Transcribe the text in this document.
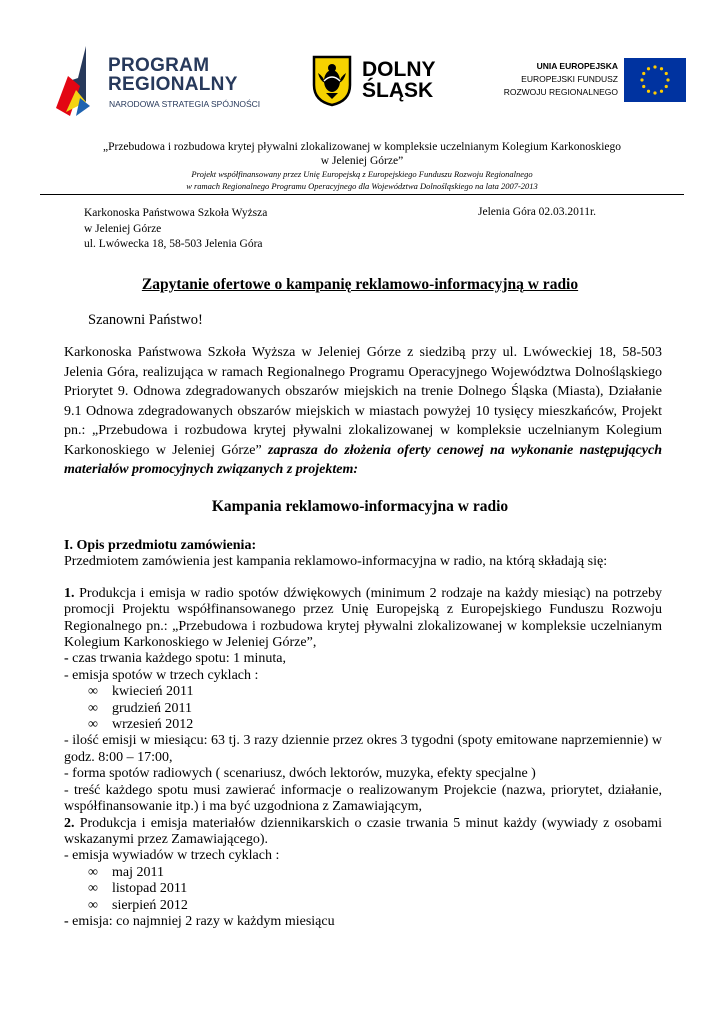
PROGRAM
REGIONALNY
NARODOWA STRATEGIA SPÓJNOŚCI
DOLNY
ŚLĄSK
UNIA EUROPEJSKA
EUROPEJSKI FUNDUSZ
ROZWOJU REGIONALNEGO
„Przebudowa i rozbudowa krytej pływalni zlokalizowanej w kompleksie uczelnianym Kolegium Karkonoskiego
w Jeleniej Górze”
Projekt współfinansowany przez Unię Europejską z Europejskiego Funduszu Rozwoju Regionalnego
w ramach Regionalnego Programu Operacyjnego dla Województwa Dolnośląskiego na lata 2007-2013
Karkonoska Państwowa Szkoła Wyższa
w Jeleniej Górze
ul. Lwówecka 18, 58-503 Jelenia Góra
Jelenia Góra 02.03.2011r.
Zapytanie ofertowe o kampanię reklamowo-informacyjną w radio
Szanowni Państwo!
Karkonoska Państwowa Szkoła Wyższa w Jeleniej Górze z siedzibą przy ul. Lwóweckiej 18, 58-503 Jelenia Góra, realizująca w ramach Regionalnego Programu Operacyjnego Województwa Dolnośląskiego Priorytet 9. Odnowa zdegradowanych obszarów miejskich na trenie Dolnego Śląska (Miasta), Działanie 9.1 Odnowa zdegradowanych obszarów miejskich w miastach powyżej 10 tysięcy mieszkańców, Projekt pn.: „Przebudowa i rozbudowa krytej pływalni zlokalizowanej w kompleksie uczelnianym Kolegium Karkonoskiego w Jeleniej Górze” zaprasza do złożenia oferty cenowej na wykonanie następujących materiałów promocyjnych związanych z projektem:
Kampania reklamowo-informacyjna w radio

I. Opis przedmiotu zamówienia:

Przedmiotem zamówienia jest kampania reklamowo-informacyjna w radio, na którą składają się:

1. Produkcja i emisja w radio spotów dźwiękowych (minimum 2 rodzaje na każdy miesiąc) na potrzeby promocji Projektu współfinansowanego przez Unię Europejską z Europejskiego Funduszu Rozwoju Regionalnego pn.: „Przebudowa i rozbudowa krytej pływalni zlokalizowanej w kompleksie uczelnianym Kolegium Karkonoskiego w Jeleniej Górze”,

- czas trwania każdego spotu: 1 minuta,

- emisja spotów w trzech cyklach :

∞ kwiecień 2011

∞ grudzień 2011

∞ wrzesień 2012

- ilość emisji w miesiącu: 63 tj. 3 razy dziennie przez okres 3 tygodni (spoty emitowane naprzemiennie) w godz. 8:00 – 17:00,

- forma spotów radiowych ( scenariusz, dwóch lektorów, muzyka, efekty specjalne )

- treść każdego spotu musi zawierać informacje o realizowanym Projekcie (nazwa, priorytet, działanie, współfinansowanie itp.) i ma być uzgodniona z Zamawiającym,

2. Produkcja i emisja materiałów dziennikarskich o czasie trwania 5 minut każdy (wywiady z osobami wskazanymi przez Zamawiającego).

- emisja wywiadów w trzech cyklach :

∞ maj 2011

∞ listopad 2011

∞ sierpień 2012

- emisja: co najmniej 2 razy w każdym miesiącu
